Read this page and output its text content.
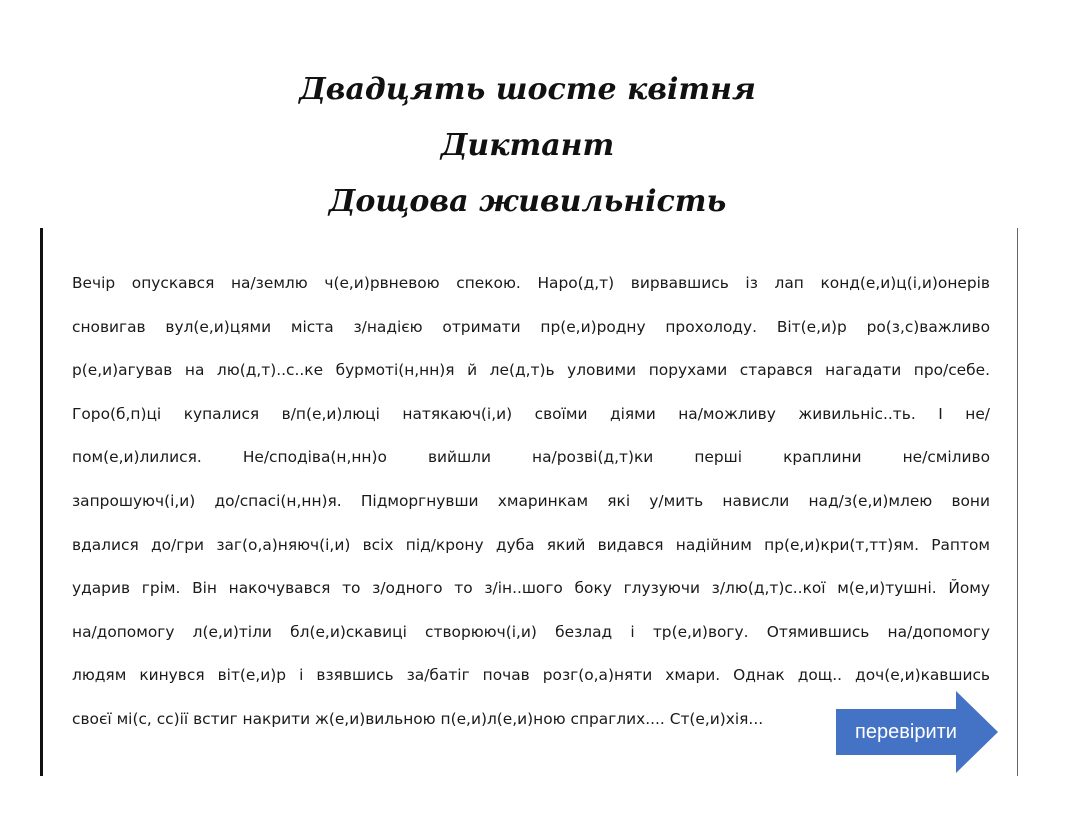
Двадцять шосте квітня
Диктант
Дощова живильність
Вечір опускався на/землю ч(е,и)рвневою спекою. Наро(д,т) вирвавшись із лап конд(е,и)ц(і,и)онерів
сновигав вул(е,и)цями міста з/надією отримати пр(е,и)родну прохолоду. Віт(е,и)р ро(з,с)важливо
р(е,и)агував на лю(д,т)..с..ке бурмоті(н,нн)я й ле(д,т)ь уловими порухами старався нагадати про/себе.
Горо(б,п)ці купалися в/п(е,и)люці натякаюч(і,и) своїми діями на/можливу живильніс..ть. І не/
пом(е,и)лилися. Не/сподіва(н,нн)о вийшли на/розві(д,т)ки перші краплини не/сміливо
запрошуюч(і,и) до/спасі(н,нн)я. Підморгнувши хмаринкам які у/мить нависли над/з(е,и)млею вони
вдалися до/гри заг(о,а)няюч(і,и) всіх під/крону дуба який видався надійним пр(е,и)кри(т,тт)ям. Раптом
ударив грім. Він накочувався то з/одного то з/ін..шого боку глузуючи з/лю(д,т)с..кої м(е,и)тушні. Йому
на/допомогу л(е,и)тіли бл(е,и)скавиці створююч(і,и) безлад і тр(е,и)вогу. Отямившись на/допомогу
людям кинувся віт(е,и)р і взявшись за/батіг почав розг(о,а)няти хмари. Однак дощ.. доч(е,и)кавшись
своєї мі(с, сс)ії встиг накрити ж(е,и)вильною п(е,и)л(е,и)ною спраглих.... Ст(е,и)хія...
перевірити
